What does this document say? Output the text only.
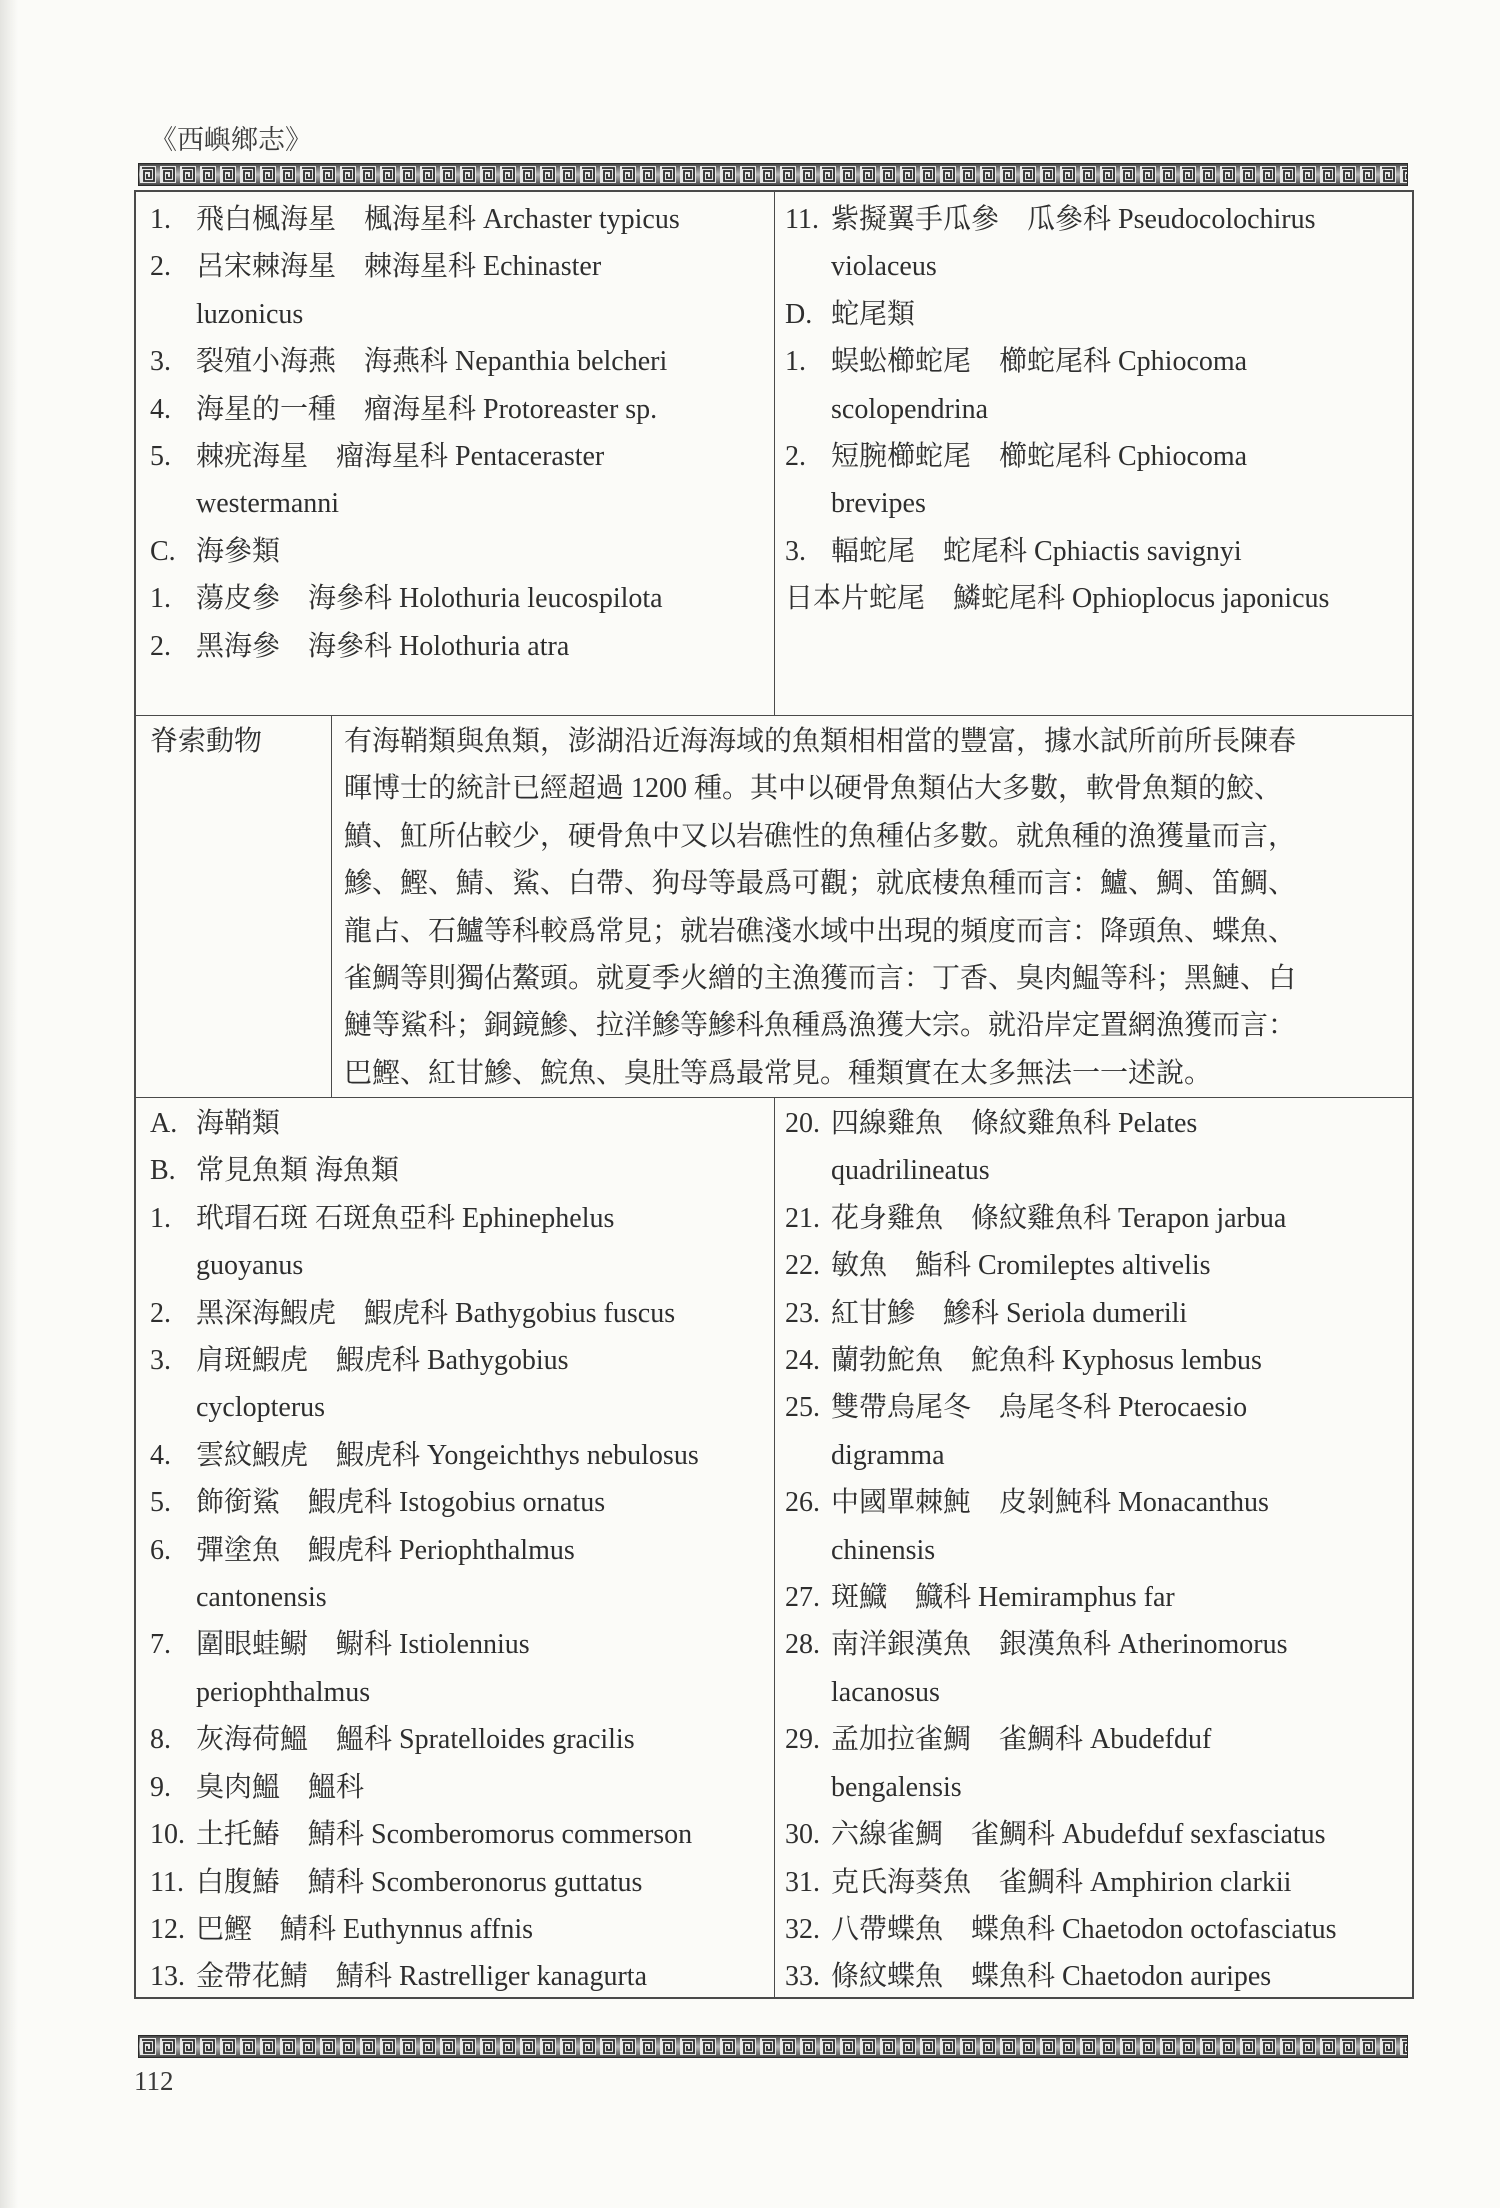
《西嶼鄉志》
1. 飛白楓海星　楓海星科 Archaster typicus
2. 呂宋棘海星　棘海星科 Echinaster
luzonicus
3. 裂殖小海燕　海燕科 Nepanthia belcheri
4. 海星的一種　瘤海星科 Protoreaster sp.
5. 棘疣海星　瘤海星科 Pentaceraster
westermanni
C. 海參類
1. 蕩皮參　海參科 Holothuria leucospilota
2. 黑海參　海參科 Holothuria atra
11. 紫擬翼手瓜參　瓜參科 Pseudocolochirus
violaceus
D. 蛇尾類
1. 蜈蚣櫛蛇尾　櫛蛇尾科 Cphiocoma
scolopendrina
2. 短腕櫛蛇尾　櫛蛇尾科 Cphiocoma
brevipes
3. 輻蛇尾　蛇尾科 Cphiactis savignyi
日本片蛇尾　鱗蛇尾科 Ophioplocus japonicus
脊索動物	有海鞘類與魚類，澎湖沿近海海域的魚類相相當的豐富，據水試所前所長陳春
暉博士的統計已經超過 1200 種。其中以硬骨魚類佔大多數，軟骨魚類的鮫、
鱝、魟所佔較少，硬骨魚中又以岩礁性的魚種佔多數。就魚種的漁獲量而言，
鰺、鰹、鯖、鯊、白帶、狗母等最爲可觀；就底棲魚種而言：鱸、鯛、笛鯛、
龍占、石鱸等科較爲常見；就岩礁淺水域中出現的頻度而言：降頭魚、蝶魚、
雀鯛等則獨佔鰲頭。就夏季火繒的主漁獲而言：丁香、臭肉鰛等科；黑鰱、白
鰱等鯊科；銅鏡鰺、拉洋鰺等鰺科魚種爲漁獲大宗。就沿岸定置網漁獲而言：
巴鰹、紅甘鰺、鯇魚、臭肚等爲最常見。種類實在太多無法一一述說。
A. 海鞘類
B. 常見魚類 海魚類
1. 玳瑁石斑 石斑魚亞科 Ephinephelus
guoyanus
2. 黑深海鰕虎　鰕虎科 Bathygobius fuscus
3. 肩斑鰕虎　鰕虎科 Bathygobius
cyclopterus
4. 雲紋鰕虎　鰕虎科 Yongeichthys nebulosus
5. 飾銜鯊　鰕虎科 Istogobius ornatus
6. 彈塗魚　鰕虎科 Periophthalmus
cantonensis
7. 圍眼蛙鳚　鳚科 Istiolennius
periophthalmus
8. 灰海荷鰮　鰮科 Spratelloides gracilis
9. 臭肉鰮　鰮科
10. 土托鰆　鯖科 Scomberomorus commerson
11. 白腹鰆　鯖科 Scomberonorus guttatus
12. 巴鰹　鯖科 Euthynnus affnis
13. 金帶花鯖　鯖科 Rastrelliger kanagurta
20. 四線雞魚　條紋雞魚科 Pelates
quadrilineatus
21. 花身雞魚　條紋雞魚科 Terapon jarbua
22. 敏魚　鮨科 Cromileptes altivelis
23. 紅甘鰺　鰺科 Seriola dumerili
24. 蘭勃鮀魚　鮀魚科 Kyphosus lembus
25. 雙帶烏尾冬　烏尾冬科 Pterocaesio
digramma
26. 中國單棘魨　皮剝魨科 Monacanthus
chinensis
27. 斑鱵　鱵科 Hemiramphus far
28. 南洋銀漢魚　銀漢魚科 Atherinomorus
lacanosus
29. 孟加拉雀鯛　雀鯛科 Abudefduf
bengalensis
30. 六線雀鯛　雀鯛科 Abudefduf sexfasciatus
31. 克氏海葵魚　雀鯛科 Amphirion clarkii
32. 八帶蝶魚　蝶魚科 Chaetodon octofasciatus
33. 條紋蝶魚　蝶魚科 Chaetodon auripes
112
